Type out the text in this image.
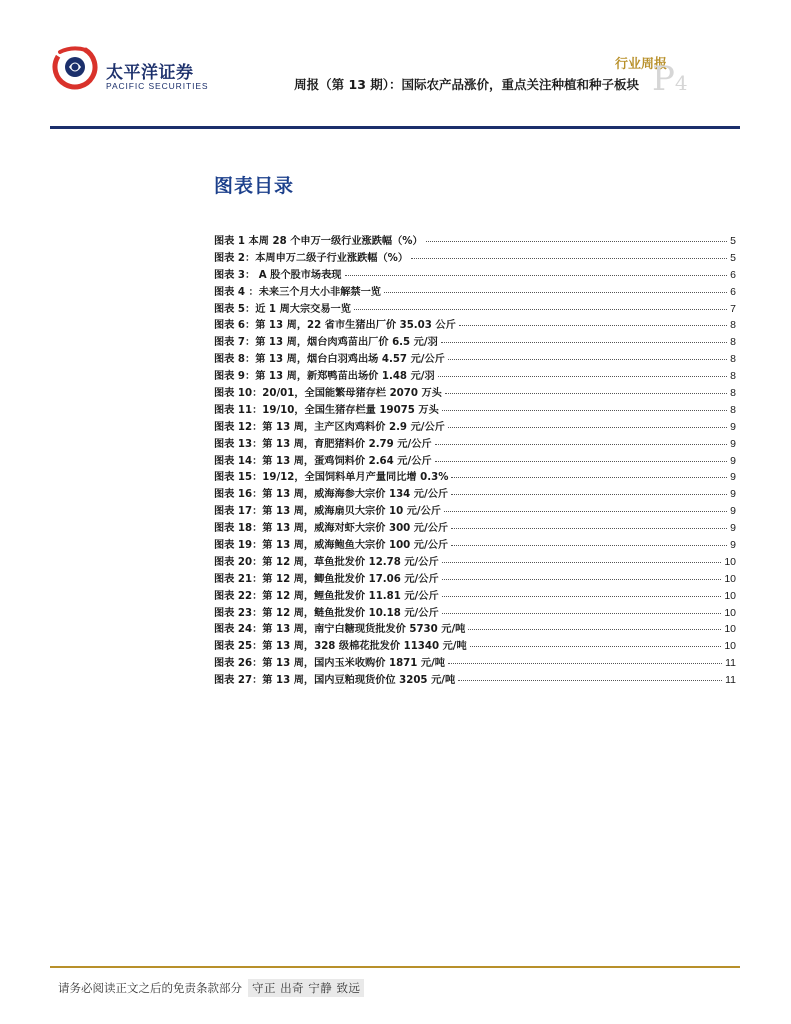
太平洋证券
PACIFIC SECURITIES
行业周报
周报（第 13 期）：国际农产品涨价，重点关注种植和种子板块 P4
图表目录
图表 1 本周 28 个申万一级行业涨跌幅（%）	5
图表 2：本周申万二级子行业涨跌幅（%）	5
图表 3： A 股个股市场表现	6
图表 4 ：未来三个月大小非解禁一览	6
图表 5：近 1 周大宗交易一览	7
图表 6：第 13 周，22 省市生猪出厂价 35.03 公斤	8
图表 7：第 13 周，烟台肉鸡苗出厂价 6.5 元/羽	8
图表 8：第 13 周，烟台白羽鸡出场 4.57 元/公斤	8
图表 9：第 13 周，新郑鸭苗出场价 1.48 元/羽	8
图表 10：20/01，全国能繁母猪存栏 2070 万头	8
图表 11：19/10，全国生猪存栏量 19075 万头	8
图表 12：第 13 周，主产区肉鸡料价 2.9 元/公斤	9
图表 13：第 13 周，育肥猪料价 2.79 元/公斤	9
图表 14：第 13 周，蛋鸡饲料价 2.64 元/公斤	9
图表 15：19/12，全国饲料单月产量同比增 0.3%	9
图表 16：第 13 周，威海海参大宗价 134 元/公斤	9
图表 17：第 13 周，威海扇贝大宗价 10 元/公斤	9
图表 18：第 13 周，威海对虾大宗价 300 元/公斤	9
图表 19：第 13 周，威海鲍鱼大宗价 100 元/公斤	9
图表 20：第 12 周，草鱼批发价 12.78 元/公斤	10
图表 21：第 12 周，鲫鱼批发价 17.06 元/公斤	10
图表 22：第 12 周，鲤鱼批发价 11.81 元/公斤	10
图表 23：第 12 周，鲢鱼批发价 10.18 元/公斤	10
图表 24：第 13 周，南宁白糖现货批发价 5730 元/吨	10
图表 25：第 13 周，328 级棉花批发价 11340 元/吨	10
图表 26：第 13 周，国内玉米收购价 1871 元/吨	11
图表 27：第 13 周，国内豆粕现货价位 3205 元/吨	11
请务必阅读正文之后的免责条款部分 守正 出奇 宁静 致远
